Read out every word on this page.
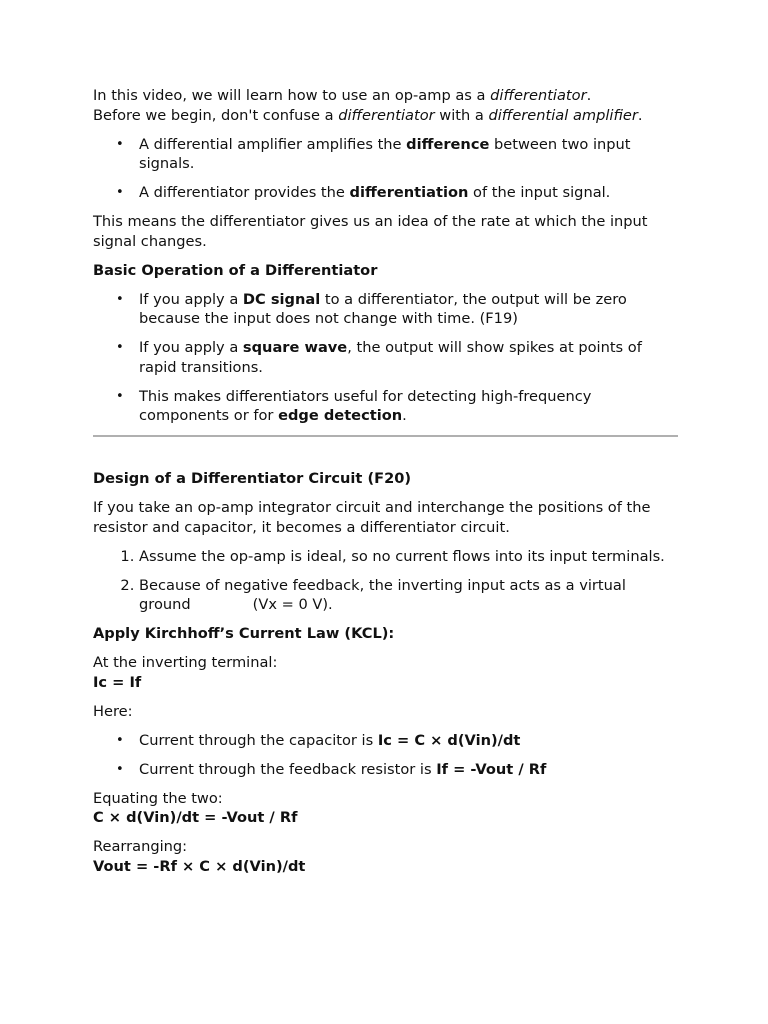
In this video, we will learn how to use an op-amp as a differentiator.
Before we begin, don't confuse a differentiator with a differential amplifier.

• A differential amplifier amplifies the difference between two input signals.
• A differentiator provides the differentiation of the input signal.

This means the differentiator gives us an idea of the rate at which the input signal changes.

Basic Operation of a Differentiator

• If you apply a DC signal to a differentiator, the output will be zero because the input does not change with time. (F19)
• If you apply a square wave, the output will show spikes at points of rapid transitions.
• This makes differentiators useful for detecting high-frequency components or for edge detection.

Design of a Differentiator Circuit (F20)

If you take an op-amp integrator circuit and interchange the positions of the resistor and capacitor, it becomes a differentiator circuit.

1. Assume the op-amp is ideal, so no current flows into its input terminals.
2. Because of negative feedback, the inverting input acts as a virtual ground	(Vx = 0 V).

Apply Kirchhoff’s Current Law (KCL):

At the inverting terminal:
Ic = If

Here:

• Current through the capacitor is Ic = C × d(Vin)/dt
• Current through the feedback resistor is If = -Vout / Rf

Equating the two:
C × d(Vin)/dt = -Vout / Rf

Rearranging:
Vout = -Rf × C × d(Vin)/dt
